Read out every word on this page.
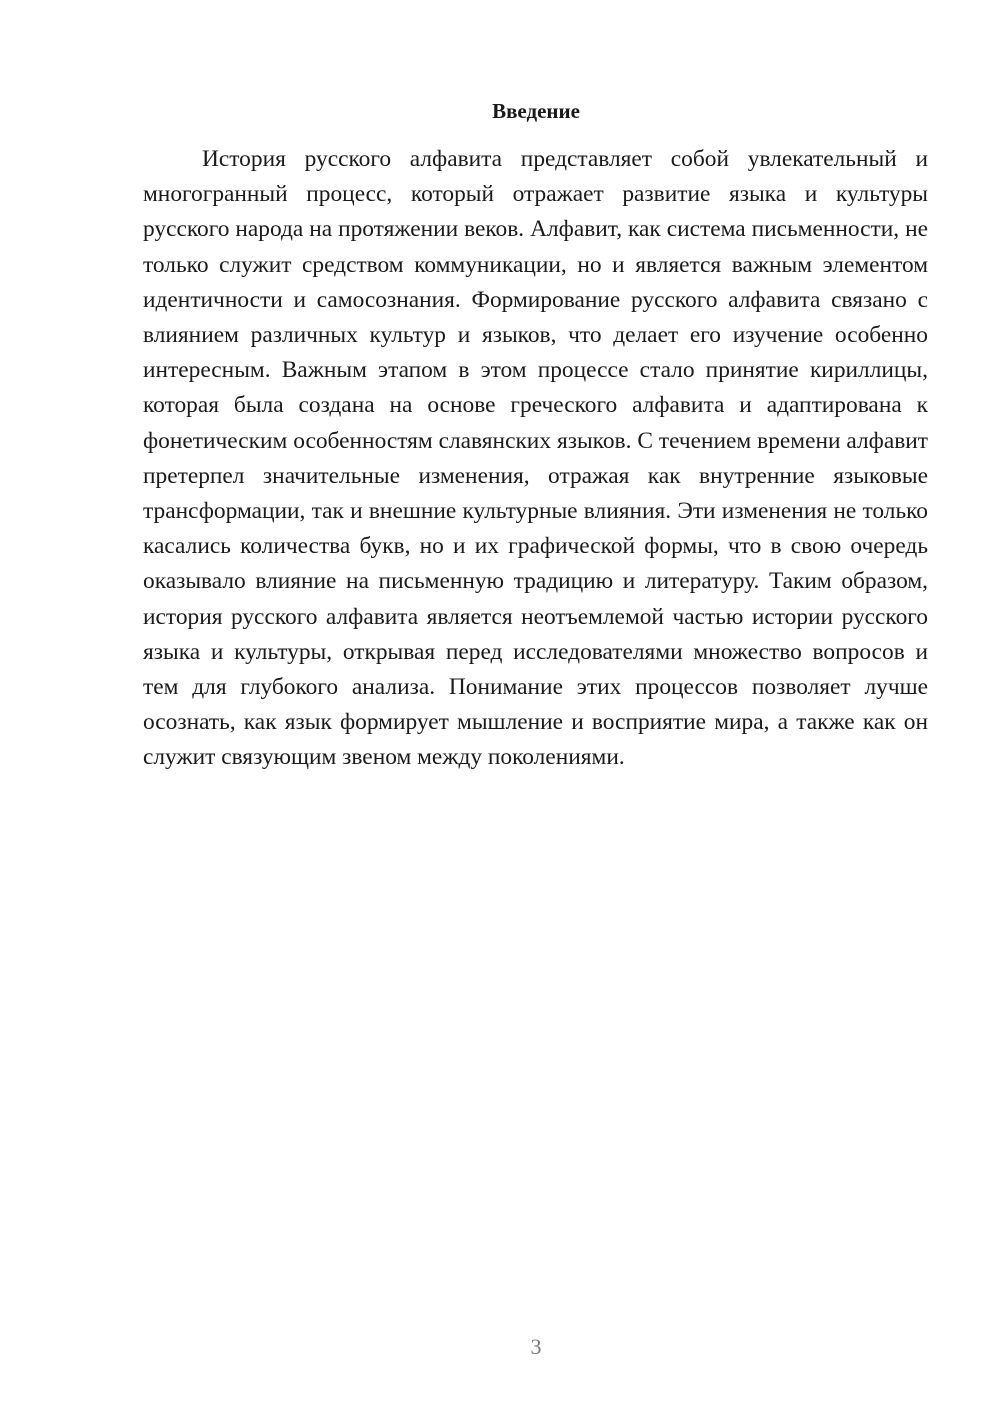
Введение

История русского алфавита представляет собой увлекательный и многогранный процесс, который отражает развитие языка и культуры русского народа на протяжении веков. Алфавит, как система письменности, не только служит средством коммуникации, но и является важным элементом идентичности и самосознания. Формирование русского алфавита связано с влиянием различных культур и языков, что делает его изучение особенно интересным. Важным этапом в этом процессе стало принятие кириллицы, которая была создана на основе греческого алфавита и адаптирована к фонетическим особенностям славянских языков. С течением времени алфавит претерпел значительные изменения, отражая как внутренние языковые трансформации, так и внешние культурные влияния. Эти изменения не только касались количества букв, но и их графической формы, что в свою очередь оказывало влияние на письменную традицию и литературу. Таким образом, история русского алфавита является неотъемлемой частью истории русского языка и культуры, открывая перед исследователями множество вопросов и тем для глубокого анализа. Понимание этих процессов позволяет лучше осознать, как язык формирует мышление и восприятие мира, а также как он служит связующим звеном между поколениями.

3
